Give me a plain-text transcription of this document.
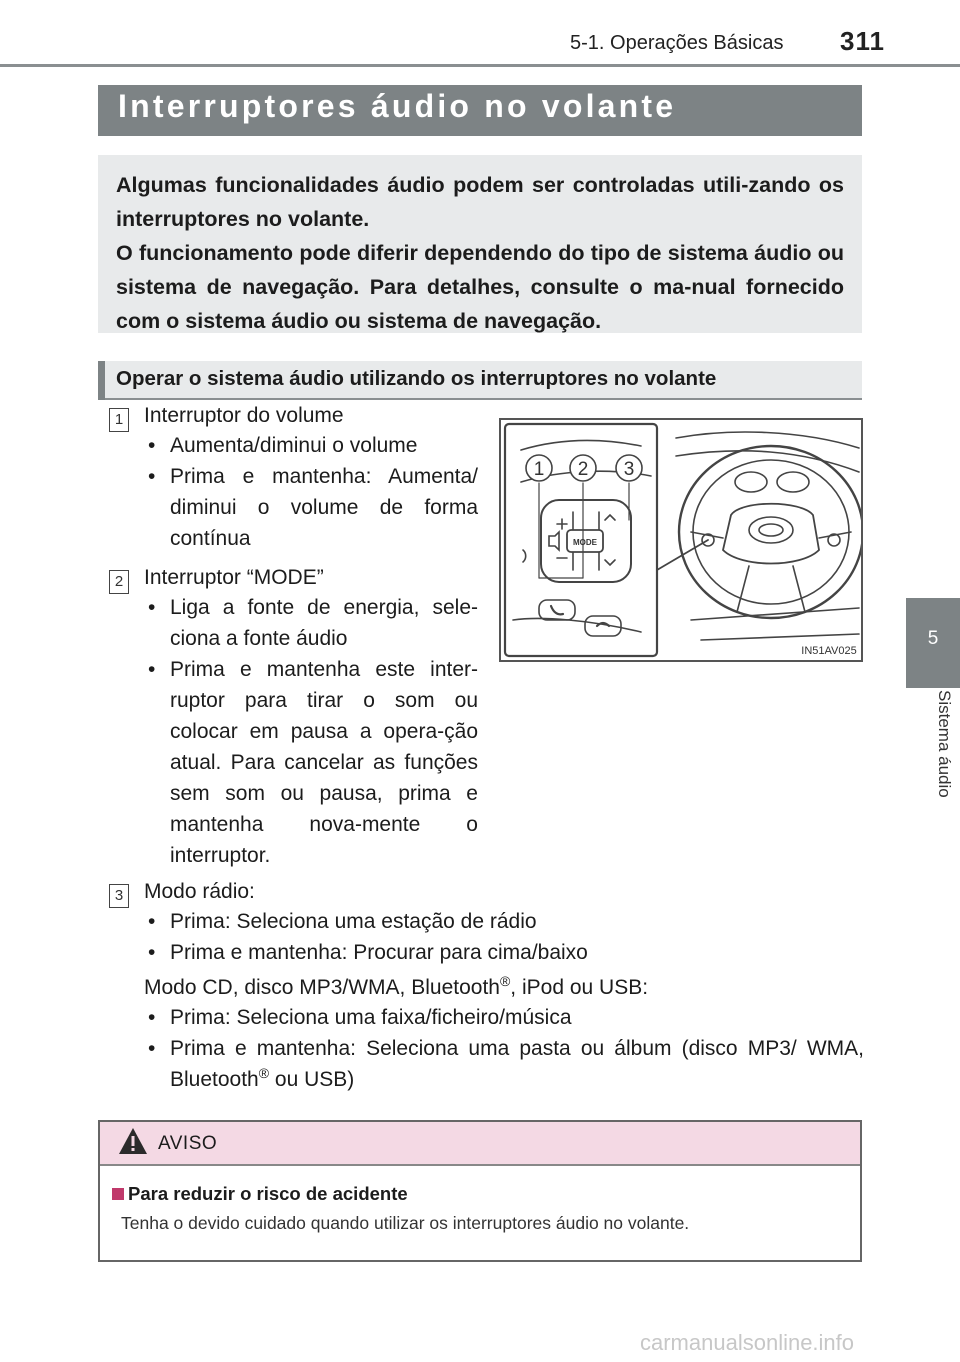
5-1. Operações Básicas 311
5
Sistema áudio
Interruptores áudio no volante
Algumas funcionalidades áudio podem ser controladas utili-zando os interruptores no volante.
O funcionamento pode diferir dependendo do tipo de sistema áudio ou sistema de navegação. Para detalhes, consulte o ma-nual fornecido com o sistema áudio ou sistema de navegação.
Operar o sistema áudio utilizando os interruptores no volante
1 Interruptor do volume
• Aumenta/diminui o volume
• Prima e mantenha: Aumenta/ diminui o volume de forma contínua
2 Interruptor “MODE”
• Liga a fonte de energia, sele-ciona a fonte áudio
• Prima e mantenha este inter-ruptor para tirar o som ou colocar em pausa a opera-ção atual. Para cancelar as funções sem som ou pausa, prima e mantenha nova-mente o interruptor.
3 Modo rádio:
• Prima: Seleciona uma estação de rádio
• Prima e mantenha: Procurar para cima/baixo
Modo CD, disco MP3/WMA, Bluetooth®, iPod ou USB:
• Prima: Seleciona uma faixa/ficheiro/música
• Prima e mantenha: Seleciona uma pasta ou álbum (disco MP3/ WMA, Bluetooth® ou USB)
1 2 3
MODE
IN51AV025
AVISO
Para reduzir o risco de acidente
Tenha o devido cuidado quando utilizar os interruptores áudio no volante.
carmanualsonline.info
